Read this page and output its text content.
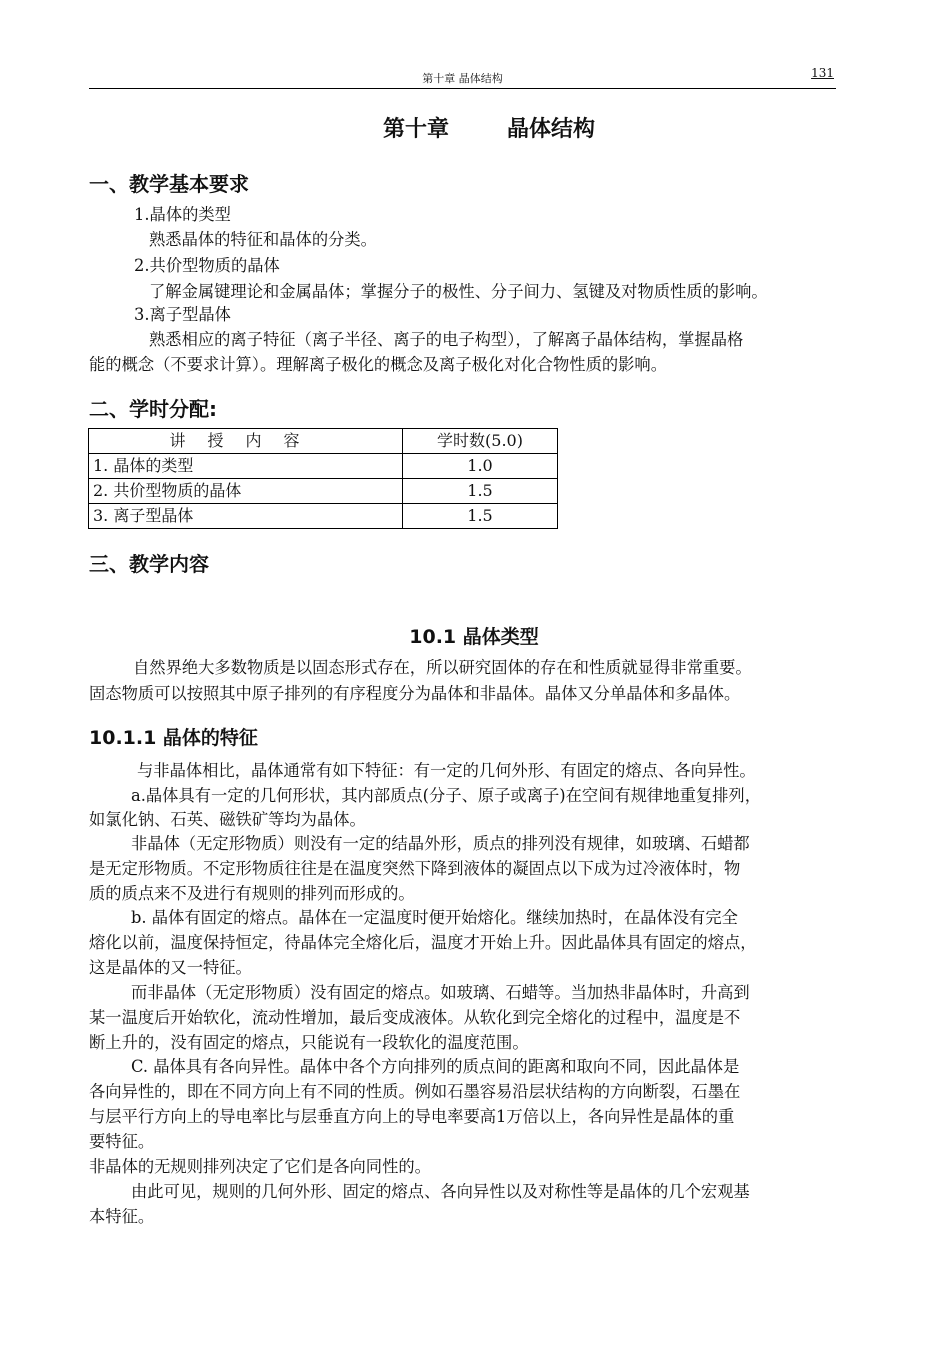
第十章 晶体结构	131
第十章	晶体结构
一、教学基本要求
1.晶体的类型
熟悉晶体的特征和晶体的分类。
2.共价型物质的晶体
了解金属键理论和金属晶体；掌握分子的极性、分子间力、氢键及对物质性质的影响。
3.离子型晶体
熟悉相应的离子特征（离子半径、离子的电子构型），了解离子晶体结构，掌握晶格
能的概念（不要求计算）。理解离子极化的概念及离子极化对化合物性质的影响。
二、学时分配:
讲授内容	学时数(5.0)
1. 晶体的类型	1.0
2. 共价型物质的晶体	1.5
3. 离子型晶体	1.5
三、教学内容
10.1 晶体类型
自然界绝大多数物质是以固态形式存在，所以研究固体的存在和性质就显得非常重要。
固态物质可以按照其中原子排列的有序程度分为晶体和非晶体。晶体又分单晶体和多晶体。
10.1.1 晶体的特征
与非晶体相比，晶体通常有如下特征：有一定的几何外形、有固定的熔点、各向异性。
a.晶体具有一定的几何形状，其内部质点(分子、原子或离子)在空间有规律地重复排列，
如氯化钠、石英、磁铁矿等均为晶体。
非晶体（无定形物质）则没有一定的结晶外形，质点的排列没有规律，如玻璃、石蜡都
是无定形物质。不定形物质往往是在温度突然下降到液体的凝固点以下成为过冷液体时，物
质的质点来不及进行有规则的排列而形成的。
b. 晶体有固定的熔点。晶体在一定温度时便开始熔化。继续加热时，在晶体没有完全
熔化以前，温度保持恒定，待晶体完全熔化后，温度才开始上升。因此晶体具有固定的熔点，
这是晶体的又一特征。
而非晶体（无定形物质）没有固定的熔点。如玻璃、石蜡等。当加热非晶体时，升高到
某一温度后开始软化，流动性增加，最后变成液体。从软化到完全熔化的过程中，温度是不
断上升的，没有固定的熔点，只能说有一段软化的温度范围。
C. 晶体具有各向异性。晶体中各个方向排列的质点间的距离和取向不同，因此晶体是
各向异性的，即在不同方向上有不同的性质。例如石墨容易沿层状结构的方向断裂，石墨在
与层平行方向上的导电率比与层垂直方向上的导电率要高1万倍以上，各向异性是晶体的重
要特征。
非晶体的无规则排列决定了它们是各向同性的。
由此可见，规则的几何外形、固定的熔点、各向异性以及对称性等是晶体的几个宏观基
本特征。
